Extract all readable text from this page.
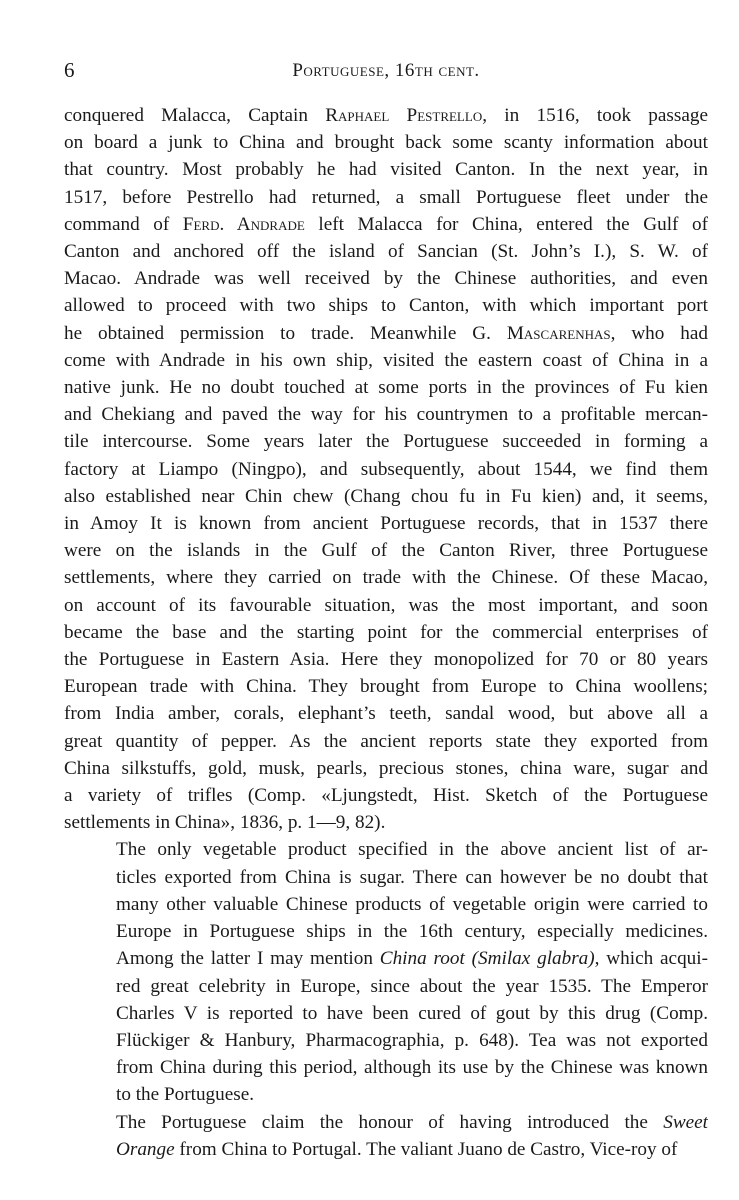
6	Portuguese, 16th cent.
conquered Malacca, Captain Raphael Pestrello, in 1516, took passage
on board a junk to China and brought back some scanty information about
that country. Most probably he had visited Canton. In the next year, in
1517, before Pestrello had returned, a small Portuguese fleet under the
command of Ferd. Andrade left Malacca for China, entered the Gulf of
Canton and anchored off the island of Sancian (St. John’s I.), S. W. of
Macao. Andrade was well received by the Chinese authorities, and even
allowed to proceed with two ships to Canton, with which important port
he obtained permission to trade. Meanwhile G. Mascarenhas, who had
come with Andrade in his own ship, visited the eastern coast of China in a
native junk. He no doubt touched at some ports in the provinces of Fu kien
and Chekiang and paved the way for his countrymen to a profitable mercan-
tile intercourse. Some years later the Portuguese succeeded in forming a
factory at Liampo (Ningpo), and subsequently, about 1544, we find them
also established near Chin chew (Chang chou fu in Fu kien) and, it seems,
in Amoy It is known from ancient Portuguese records, that in 1537 there
were on the islands in the Gulf of the Canton River, three Portuguese
settlements, where they carried on trade with the Chinese. Of these Macao,
on account of its favourable situation, was the most important, and soon
became the base and the starting point for the commercial enterprises of
the Portuguese in Eastern Asia. Here they monopolized for 70 or 80 years
European trade with China. They brought from Europe to China woollens;
from India amber, corals, elephant’s teeth, sandal wood, but above all a
great quantity of pepper. As the ancient reports state they exported from
China silkstuffs, gold, musk, pearls, precious stones, china ware, sugar and
a variety of trifles (Comp. «Ljungstedt, Hist. Sketch of the Portuguese
settlements in China», 1836, p. 1—9, 82).
The only vegetable product specified in the above ancient list of ar-
ticles exported from China is sugar. There can however be no doubt that
many other valuable Chinese products of vegetable origin were carried to
Europe in Portuguese ships in the 16th century, especially medicines.
Among the latter I may mention China root (Smilax glabra), which acqui-
red great celebrity in Europe, since about the year 1535. The Emperor
Charles V is reported to have been cured of gout by this drug (Comp.
Flückiger & Hanbury, Pharmacographia, p. 648). Tea was not exported
from China during this period, although its use by the Chinese was known
to the Portuguese.
The Portuguese claim the honour of having introduced the Sweet
Orange from China to Portugal. The valiant Juano de Castro, Vice-roy of
